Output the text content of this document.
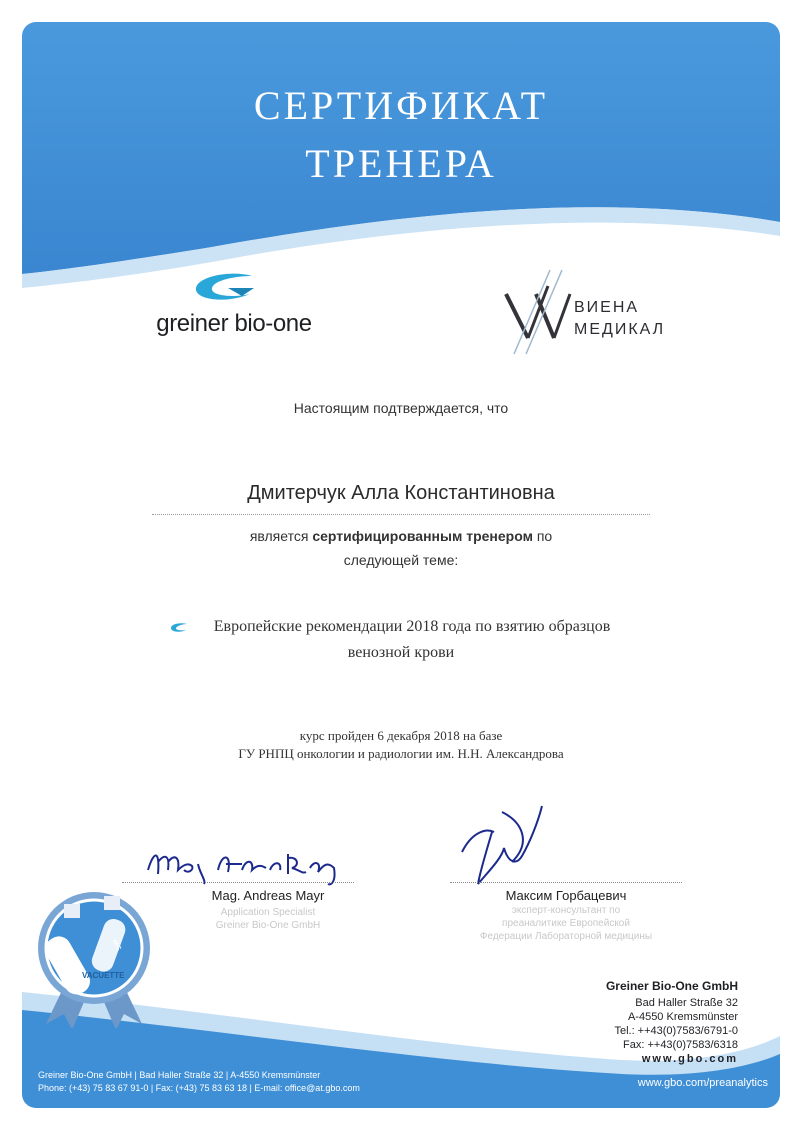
СЕРТИФИКАТ
ТРЕНЕРА
greiner bio-one
ВИЕНА
МЕДИКАЛ
Настоящим подтверждается, что
Дмитерчук Алла Константиновна
является сертифицированным тренером по
следующей теме:
Европейские рекомендации 2018 года по взятию образцов
венозной крови
курс пройден 6 декабря 2018 на базе
ГУ РНПЦ онкологии и радиологии им. Н.Н. Александрова
Mag. Andreas Mayr
Application Specialist
Greiner Bio-One GmbH
Максим Горбацевич
эксперт-консультант по
преаналитике Европейской
Федерации Лабораторной медицины
VACUETTE
VAC
Greiner Bio-One GmbH
Bad Haller Straße 32
A-4550 Kremsmünster
Tel.: ++43(0)7583/6791-0
Fax: ++43(0)7583/6318
www.gbo.com
Greiner Bio-One GmbH | Bad Haller Straße 32 | A-4550 Kremsmünster
Phone: (+43) 75 83 67 91-0 | Fax: (+43) 75 83 63 18 | E-mail: office@at.gbo.com	www.gbo.com/preanalytics
